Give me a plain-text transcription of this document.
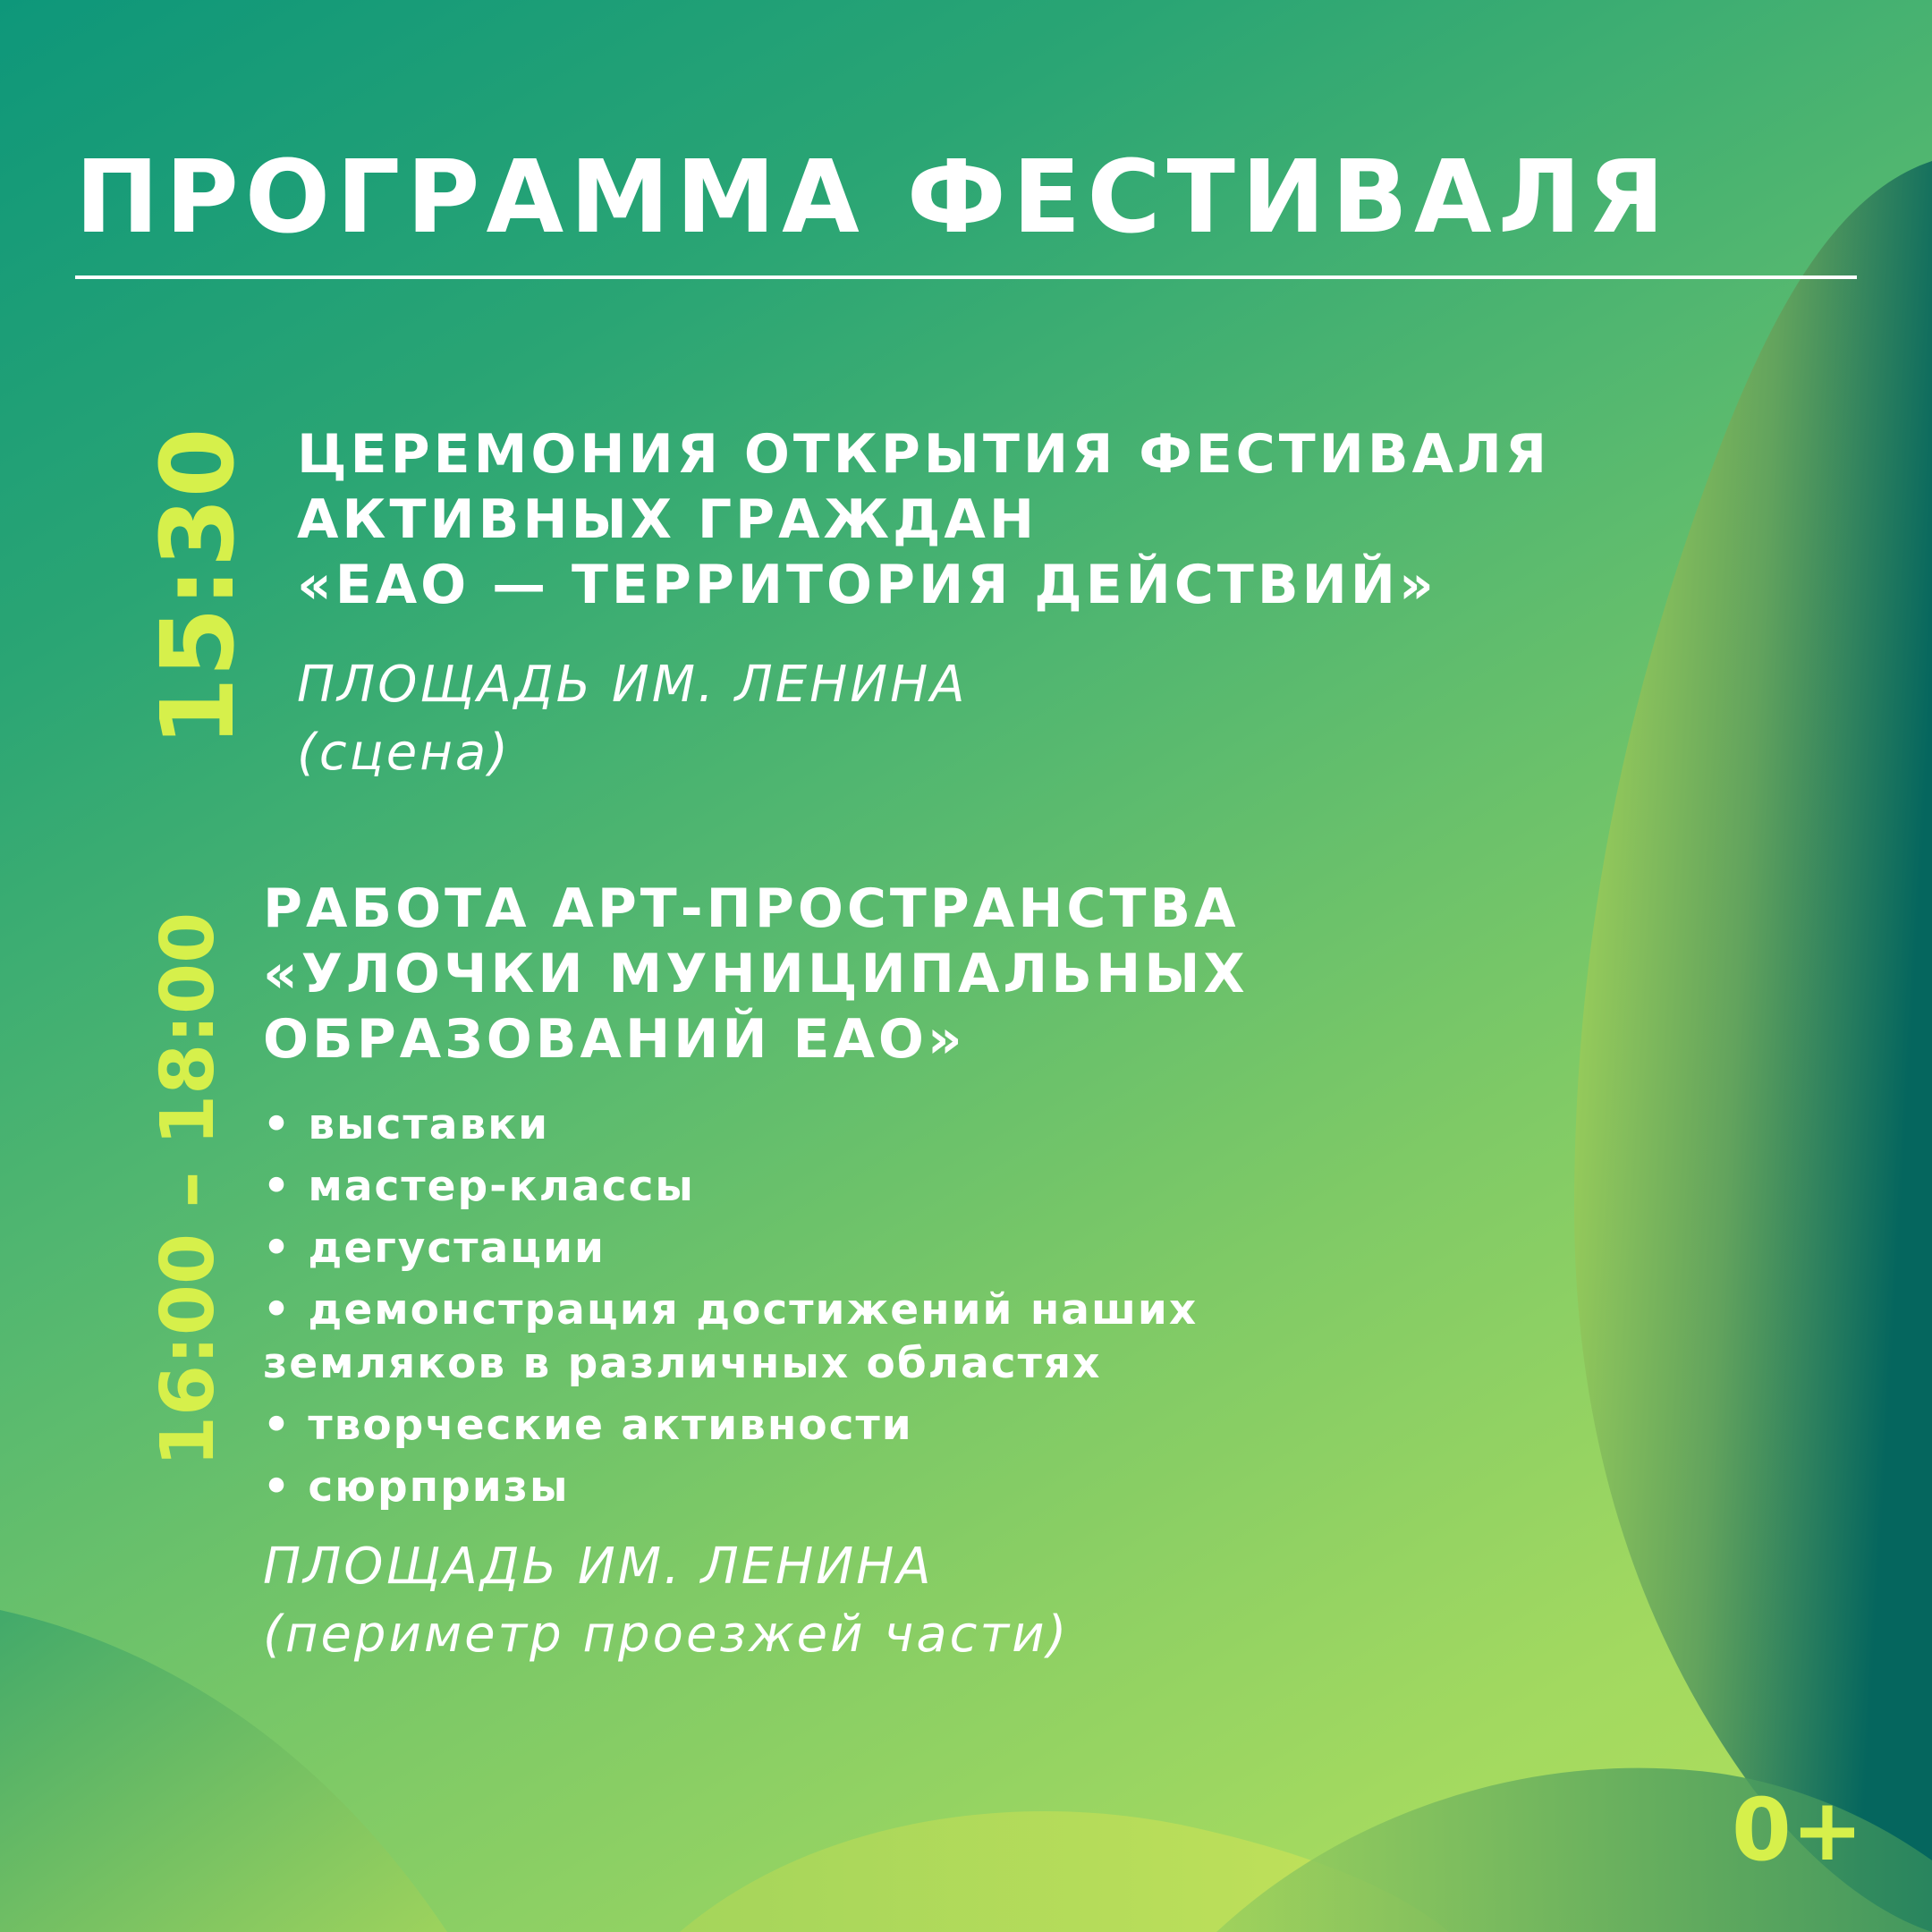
ПРОГРАММА ФЕСТИВАЛЯ
15:30 ЦЕРЕМОНИЯ ОТКРЫТИЯ ФЕСТИВАЛЯ
АКТИВНЫХ ГРАЖДАН
«ЕАО — ТЕРРИТОРИЯ ДЕЙСТВИЙ»
ПЛОЩАДЬ ИМ. ЛЕНИНА
(сцена)
16:00 – 18:00
РАБОТА АРТ-ПРОСТРАНСТВА
«УЛОЧКИ МУНИЦИПАЛЬНЫХ
ОБРАЗОВАНИЙ ЕАО»
• выставки
• мастер-классы
• дегустации
• демонстрация достижений наших
земляков в различных областях
• творческие активности
• сюрпризы
ПЛОЩАДЬ ИМ. ЛЕНИНА
(периметр проезжей части)
0+
